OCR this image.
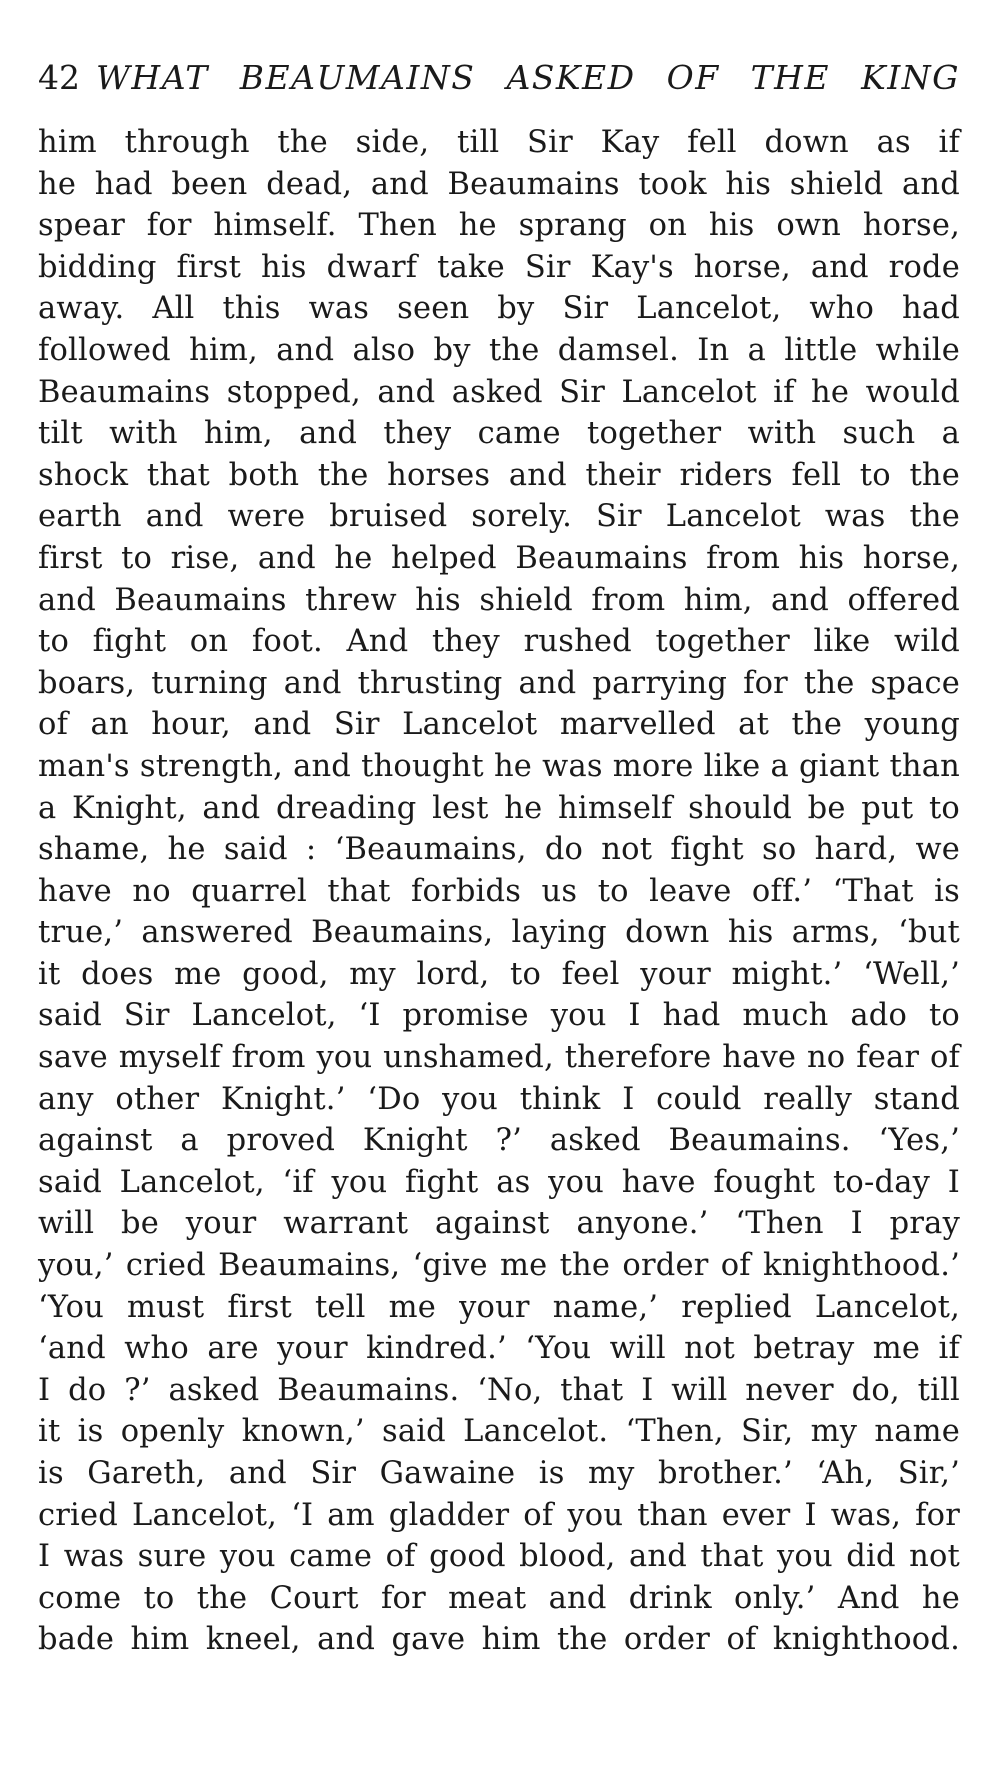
42 WHAT BEAUMAINS ASKED OF THE KING
him through the side, till Sir Kay fell down as if
he had been dead, and Beaumains took his shield and
spear for himself. Then he sprang on his own horse,
bidding first his dwarf take Sir Kay's horse, and rode
away. All this was seen by Sir Lancelot, who had
followed him, and also by the damsel. In a little while
Beaumains stopped, and asked Sir Lancelot if he would
tilt with him, and they came together with such a
shock that both the horses and their riders fell to the
earth and were bruised sorely. Sir Lancelot was the
first to rise, and he helped Beaumains from his horse,
and Beaumains threw his shield from him, and offered
to fight on foot. And they rushed together like wild
boars, turning and thrusting and parrying for the space
of an hour, and Sir Lancelot marvelled at the young
man's strength, and thought he was more like a giant than
a Knight, and dreading lest he himself should be put to
shame, he said : ‘Beaumains, do not fight so hard, we
have no quarrel that forbids us to leave off.’ ‘That is
true,’ answered Beaumains, laying down his arms, ‘but
it does me good, my lord, to feel your might.’ ‘Well,’
said Sir Lancelot, ‘I promise you I had much ado to
save myself from you unshamed, therefore have no fear of
any other Knight.’ ‘Do you think I could really stand
against a proved Knight ?’ asked Beaumains. ‘Yes,’
said Lancelot, ‘if you fight as you have fought to-day I
will be your warrant against anyone.’ ‘Then I pray
you,’ cried Beaumains, ‘give me the order of knighthood.’
‘You must first tell me your name,’ replied Lancelot,
‘and who are your kindred.’ ‘You will not betray me if
I do ?’ asked Beaumains. ‘No, that I will never do, till
it is openly known,’ said Lancelot. ‘Then, Sir, my name
is Gareth, and Sir Gawaine is my brother.’ ‘Ah, Sir,’
cried Lancelot, ‘I am gladder of you than ever I was, for
I was sure you came of good blood, and that you did not
come to the Court for meat and drink only.’ And he
bade him kneel, and gave him the order of knighthood.
